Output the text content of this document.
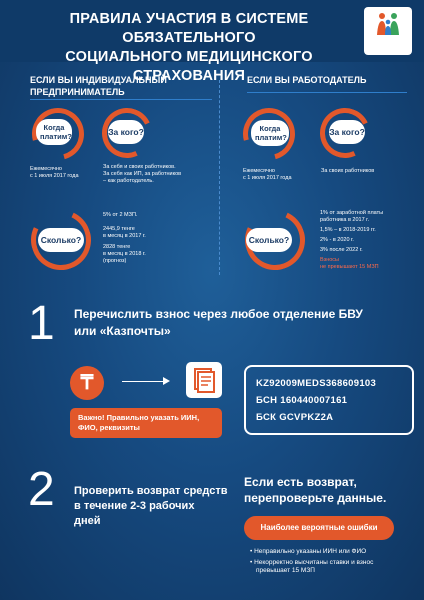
ПРАВИЛА УЧАСТИЯ В СИСТЕМЕ ОБЯЗАТЕЛЬНОГО
СОЦИАЛЬНОГО МЕДИЦИНСКОГО СТРАХОВАНИЯ
ЕСЛИ ВЫ ИНДИВИДУАЛЬНЫЙ
ПРЕДПРИНИМАТЕЛЬ
ЕСЛИ ВЫ РАБОТОДАТЕЛЬ
Когда
платим?
Ежемесячно
с 1 июля 2017 года
За кого?
За себя и своих работников.
За себя как ИП, за работников
– как работодатель.
Сколько?
5% от 2 МЗП.
2445,9 тенге
в месяц в 2017 г.
2828 тенге
в месяц в 2018 г.
(прогноз)
Когда
платим?
Ежемесячно
с 1 июля 2017 года
За кого?
За своих работников
Сколько?
1% от заработной платы
работника в 2017 г.
1,5% – в 2018-2019 гг.
2% - в 2020 г.
3% после 2022 г.
Взносы
не превышают 15 МЗП
1 Перечислить взнос через любое отделение БВУ
или «Казпочты»
₸
Важно! Правильно указать ИИН,
ФИО, реквизиты
KZ92009MEDS368609103
БСН 160440007161
БСК GCVPKZ2A
2 Проверить возврат средств
в течение 2-3 рабочих
дней
Если есть возврат,
перепроверьте данные.
Наиболее вероятные ошибки
• Неправильно указаны ИИН или ФИО
• Некорректно высчитаны ставки и взнос
превышает 15 МЗП
